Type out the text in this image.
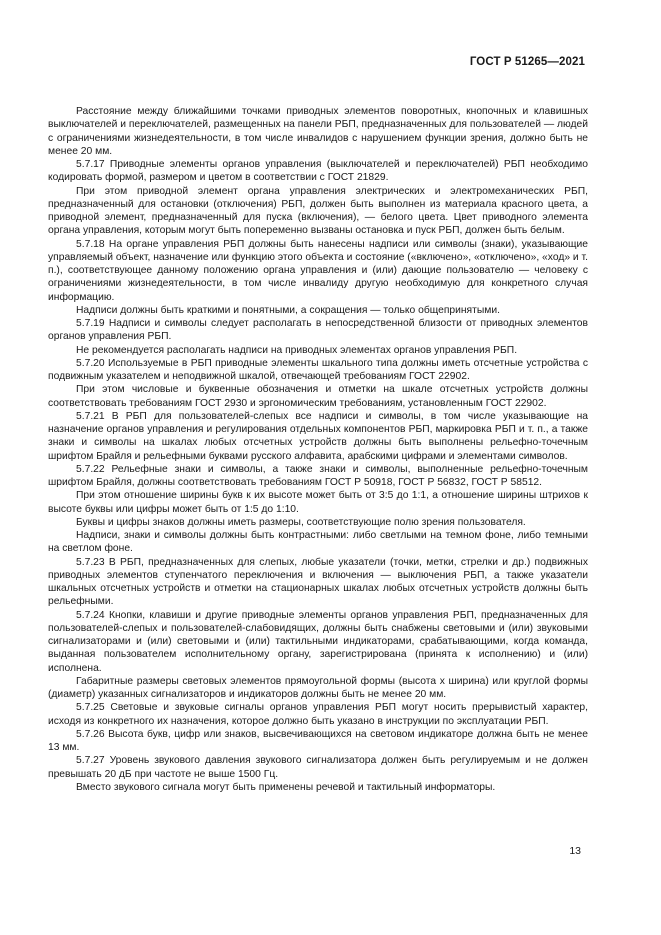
ГОСТ Р 51265—2021

Расстояние между ближайшими точками приводных элементов поворотных, кнопочных и клавишных выключателей и переключателей, размещенных на панели РБП, предназначенных для пользователей — людей с ограничениями жизнедеятельности, в том числе инвалидов с нарушением функции зрения, должно быть не менее 20 мм.

5.7.17 Приводные элементы органов управления (выключателей и переключателей) РБП необходимо кодировать формой, размером и цветом в соответствии с ГОСТ 21829.

При этом приводной элемент органа управления электрических и электромеханических РБП, предназначенный для остановки (отключения) РБП, должен быть выполнен из материала красного цвета, а приводной элемент, предназначенный для пуска (включения), — белого цвета. Цвет приводного элемента органа управления, которым могут быть попеременно вызваны остановка и пуск РБП, должен быть белым.

5.7.18 На органе управления РБП должны быть нанесены надписи или символы (знаки), указывающие управляемый объект, назначение или функцию этого объекта и состояние («включено», «отключено», «ход» и т. п.), соответствующее данному положению органа управления и (или) дающие пользователю — человеку с ограничениями жизнедеятельности, в том числе инвалиду другую необходимую для конкретного случая информацию.

Надписи должны быть краткими и понятными, а сокращения — только общепринятыми.

5.7.19 Надписи и символы следует располагать в непосредственной близости от приводных элементов органов управления РБП.

Не рекомендуется располагать надписи на приводных элементах органов управления РБП.

5.7.20 Используемые в РБП приводные элементы шкального типа должны иметь отсчетные устройства с подвижным указателем и неподвижной шкалой, отвечающей требованиям ГОСТ 22902.

При этом числовые и буквенные обозначения и отметки на шкале отсчетных устройств должны соответствовать требованиям ГОСТ 2930 и эргономическим требованиям, установленным ГОСТ 22902.

5.7.21 В РБП для пользователей-слепых все надписи и символы, в том числе указывающие на назначение органов управления и регулирования отдельных компонентов РБП, маркировка РБП и т. п., а также знаки и символы на шкалах любых отсчетных устройств должны быть выполнены рельефно-точечным шрифтом Брайля и рельефными буквами русского алфавита, арабскими цифрами и элементами символов.

5.7.22 Рельефные знаки и символы, а также знаки и символы, выполненные рельефно-точечным шрифтом Брайля, должны соответствовать требованиям ГОСТ Р 50918, ГОСТ Р 56832, ГОСТ Р 58512.

При этом отношение ширины букв к их высоте может быть от 3:5 до 1:1, а отношение ширины штрихов к высоте буквы или цифры может быть от 1:5 до 1:10.

Буквы и цифры знаков должны иметь размеры, соответствующие полю зрения пользователя.

Надписи, знаки и символы должны быть контрастными: либо светлыми на темном фоне, либо темными на светлом фоне.

5.7.23 В РБП, предназначенных для слепых, любые указатели (точки, метки, стрелки и др.) подвижных приводных элементов ступенчатого переключения и включения — выключения РБП, а также указатели шкальных отсчетных устройств и отметки на стационарных шкалах любых отсчетных устройств должны быть рельефными.

5.7.24 Кнопки, клавиши и другие приводные элементы органов управления РБП, предназначенных для пользователей-слепых и пользователей-слабовидящих, должны быть снабжены световыми и (или) звуковыми сигнализаторами и (или) световыми и (или) тактильными индикаторами, срабатывающими, когда команда, выданная пользователем исполнительному органу, зарегистрирована (принята к исполнению) и (или) исполнена.

Габаритные размеры световых элементов прямоугольной формы (высота х ширина) или круглой формы (диаметр) указанных сигнализаторов и индикаторов должны быть не менее 20 мм.

5.7.25 Световые и звуковые сигналы органов управления РБП могут носить прерывистый характер, исходя из конкретного их назначения, которое должно быть указано в инструкции по эксплуатации РБП.

5.7.26 Высота букв, цифр или знаков, высвечивающихся на световом индикаторе должна быть не менее 13 мм.

5.7.27 Уровень звукового давления звукового сигнализатора должен быть регулируемым и не должен превышать 20 дБ при частоте не выше 1500 Гц.

Вместо звукового сигнала могут быть применены речевой и тактильный информаторы.

13
